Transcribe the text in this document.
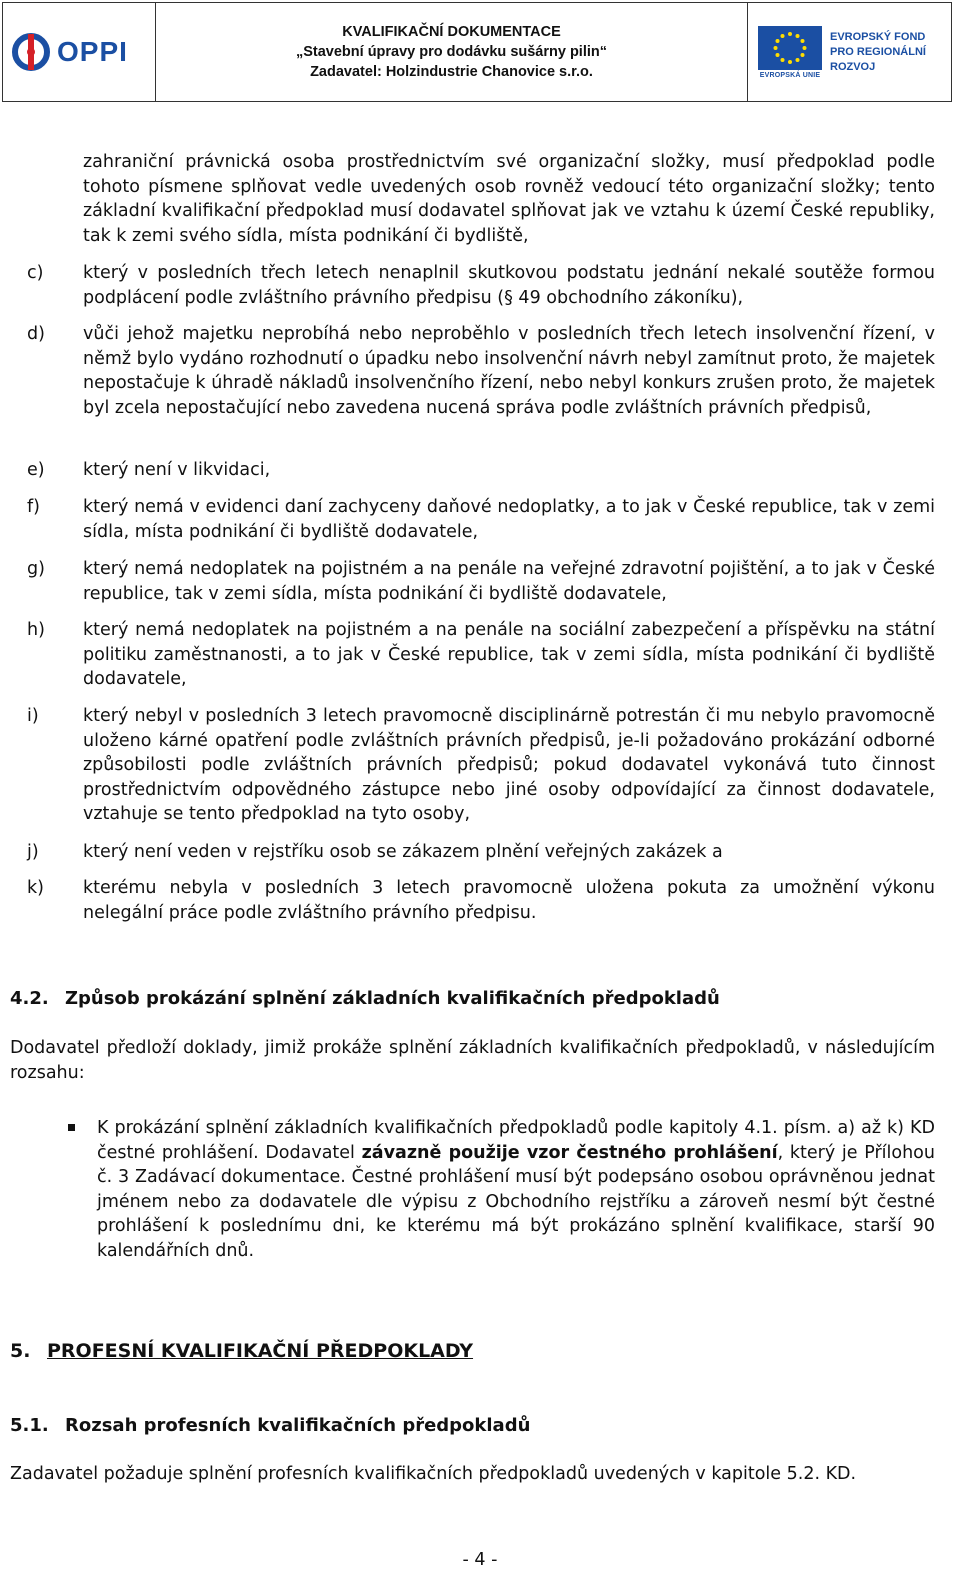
OPPI
KVALIFIKAČNÍ DOKUMENTACE
„Stavební úpravy pro dodávku sušárny pilin“
Zadavatel: Holzindustrie Chanovice s.r.o.	EVROPSKÁ UNIE
EVROPSKÝ FOND
PRO REGIONÁLNÍ
ROZVOJ
zahraniční právnická osoba prostřednictvím své organizační složky, musí předpoklad podle tohoto písmene splňovat vedle uvedených osob rovněž vedoucí této organizační složky; tento základní kvalifikační předpoklad musí dodavatel splňovat jak ve vztahu k území České republiky, tak k zemi svého sídla, místa podnikání či bydliště,
c) který v posledních třech letech nenaplnil skutkovou podstatu jednání nekalé soutěže formou podplácení podle zvláštního právního předpisu (§ 49 obchodního zákoníku),
d) vůči jehož majetku neprobíhá nebo neproběhlo v posledních třech letech insolvenční řízení, v němž bylo vydáno rozhodnutí o úpadku nebo insolvenční návrh nebyl zamítnut proto, že majetek nepostačuje k úhradě nákladů insolvenčního řízení, nebo nebyl konkurs zrušen proto, že majetek byl zcela nepostačující nebo zavedena nucená správa podle zvláštních právních předpisů,
e) který není v likvidaci,
f) který nemá v evidenci daní zachyceny daňové nedoplatky, a to jak v České republice, tak v zemi sídla, místa podnikání či bydliště dodavatele,
g) který nemá nedoplatek na pojistném a na penále na veřejné zdravotní pojištění, a to jak v České republice, tak v zemi sídla, místa podnikání či bydliště dodavatele,
h) který nemá nedoplatek na pojistném a na penále na sociální zabezpečení a příspěvku na státní politiku zaměstnanosti, a to jak v České republice, tak v zemi sídla, místa podnikání či bydliště dodavatele,
i)	který nebyl v posledních 3 letech pravomocně disciplinárně potrestán či mu nebylo pravomocně uloženo kárné opatření podle zvláštních právních předpisů, je-li požadováno prokázání odborné způsobilosti podle zvláštních právních předpisů; pokud dodavatel vykonává tuto činnost prostřednictvím odpovědného zástupce nebo jiné osoby odpovídající za činnost dodavatele, vztahuje se tento předpoklad na tyto osoby,
j)	který není veden v rejstříku osob se zákazem plnění veřejných zakázek a
k) kterému nebyla v posledních 3 letech pravomocně uložena pokuta za umožnění výkonu nelegální práce podle zvláštního právního předpisu.
4.2. Způsob prokázání splnění základních kvalifikačních předpokladů
Dodavatel předloží doklady, jimiž prokáže splnění základních kvalifikačních předpokladů, v následujícím rozsahu:
K prokázání splnění základních kvalifikačních předpokladů podle kapitoly 4.1. písm. a) až k) KD čestné prohlášení. Dodavatel závazně použije vzor čestného prohlášení, který je Přílohou č. 3 Zadávací dokumentace. Čestné prohlášení musí být podepsáno osobou oprávněnou jednat jménem nebo za dodavatele dle výpisu z Obchodního rejstříku a zároveň nesmí být čestné prohlášení k poslednímu dni, ke kterému má být prokázáno splnění kvalifikace, starší 90 kalendářních dnů.
5. PROFESNÍ KVALIFIKAČNÍ PŘEDPOKLADY
5.1. Rozsah profesních kvalifikačních předpokladů
Zadavatel požaduje splnění profesních kvalifikačních předpokladů uvedených v kapitole 5.2. KD.
- 4 -
